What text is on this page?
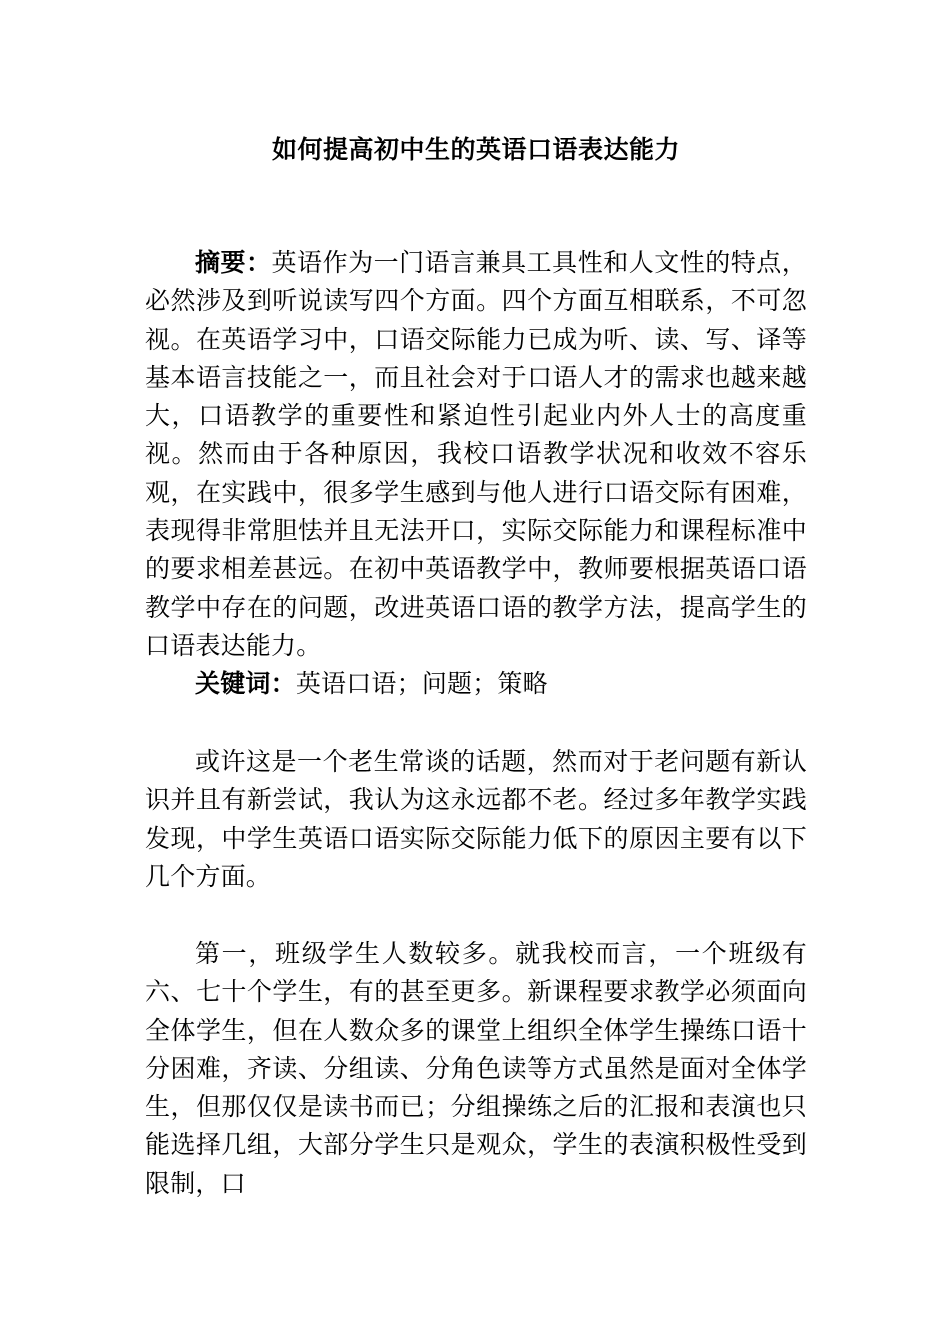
如何提高初中生的英语口语表达能力
摘要：英语作为一门语言兼具工具性和人文性的特点，必然涉及到听说读写四个方面。四个方面互相联系，不可忽视。在英语学习中，口语交际能力已成为听、读、写、译等基本语言技能之一，而且社会对于口语人才的需求也越来越大，口语教学的重要性和紧迫性引起业内外人士的高度重视。然而由于各种原因，我校口语教学状况和收效不容乐观，在实践中，很多学生感到与他人进行口语交际有困难，表现得非常胆怯并且无法开口，实际交际能力和课程标准中的要求相差甚远。在初中英语教学中，教师要根据英语口语教学中存在的问题，改进英语口语的教学方法，提高学生的口语表达能力。
关键词：英语口语；问题；策略
或许这是一个老生常谈的话题，然而对于老问题有新认识并且有新尝试，我认为这永远都不老。经过多年教学实践发现，中学生英语口语实际交际能力低下的原因主要有以下几个方面。
第一，班级学生人数较多。就我校而言，一个班级有六、七十个学生，有的甚至更多。新课程要求教学必须面向全体学生，但在人数众多的课堂上组织全体学生操练口语十分困难，齐读、分组读、分角色读等方式虽然是面对全体学生，但那仅仅是读书而已；分组操练之后的汇报和表演也只能选择几组，大部分学生只是观众，学生的表演积极性受到限制，口
